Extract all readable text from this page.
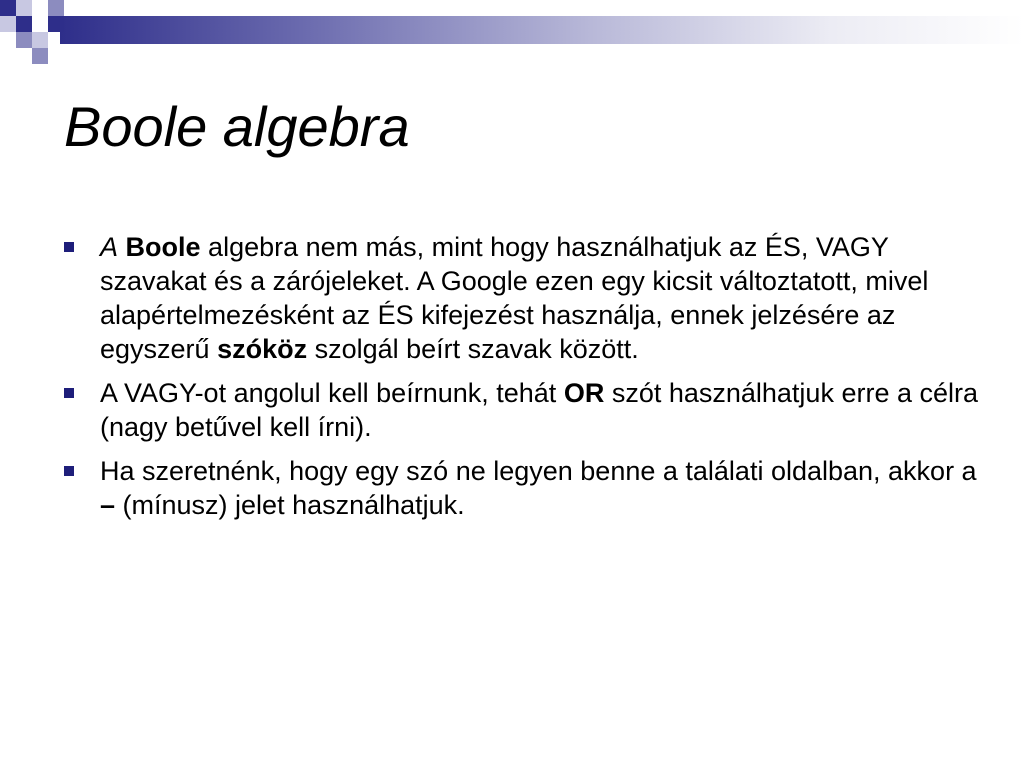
Boole algebra
A Boole algebra nem más, mint hogy használhatjuk az ÉS, VAGY szavakat és a zárójeleket. A Google ezen egy kicsit változtatott, mivel alapértelmezésként az ÉS kifejezést használja, ennek jelzésére az egyszerű szóköz szolgál beírt szavak között.
A VAGY-ot angolul kell beírnunk, tehát OR szót használhatjuk erre a célra (nagy betűvel kell írni).
Ha szeretnénk, hogy egy szó ne legyen benne a találati oldalban, akkor a – (mínusz) jelet használhatjuk.
